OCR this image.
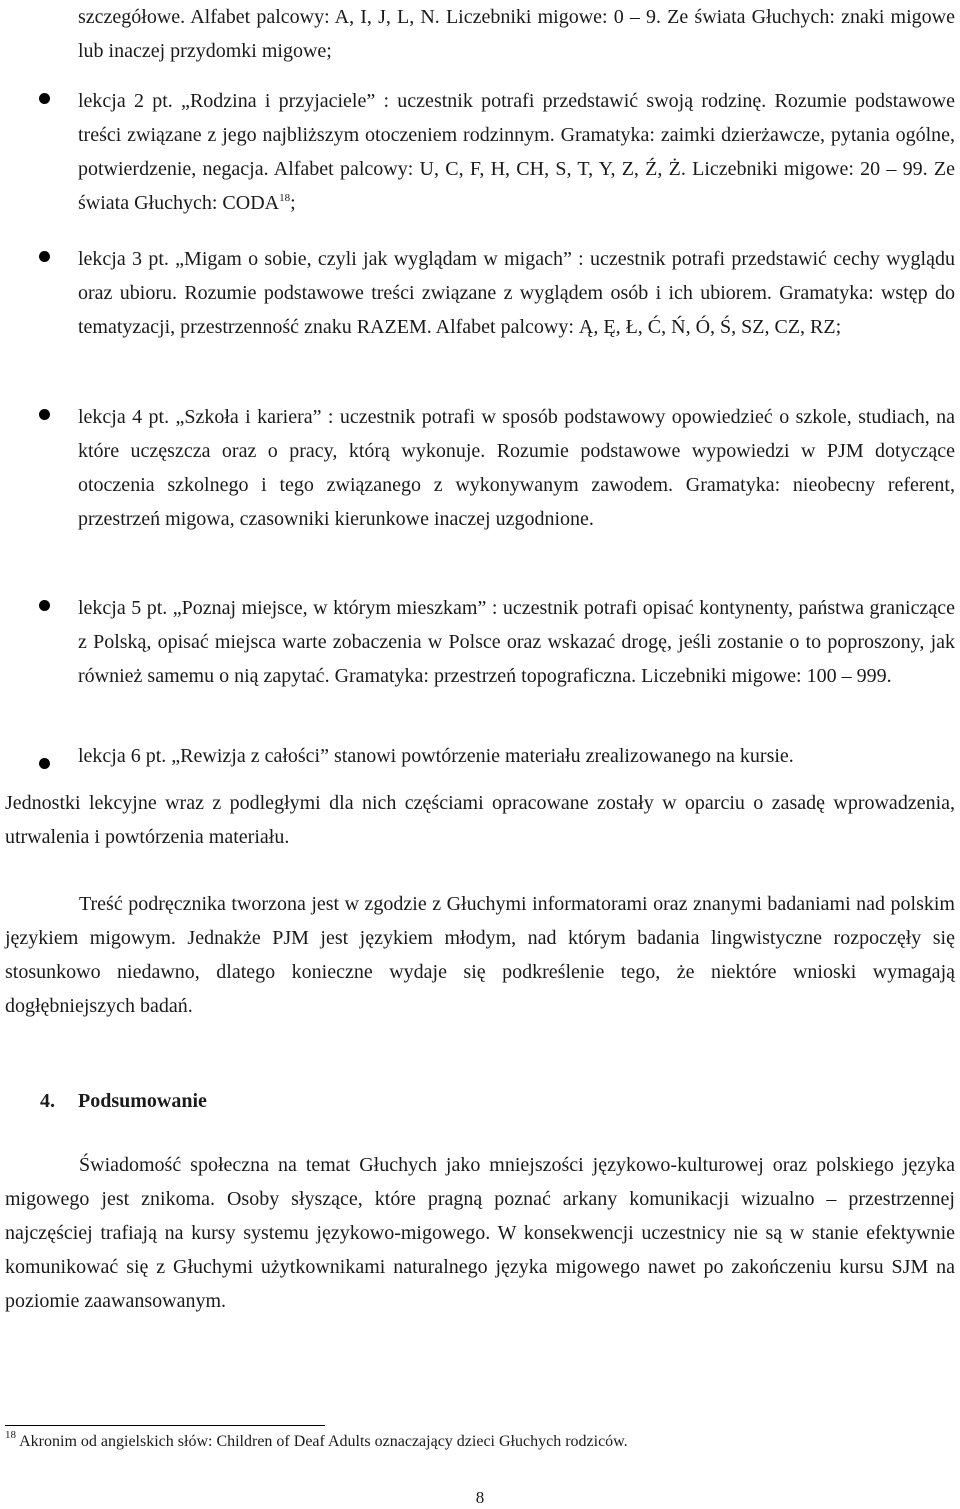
szczegółowe. Alfabet palcowy: A, I, J, L, N. Liczebniki migowe: 0 – 9. Ze świata Głuchych: znaki migowe lub inaczej przydomki migowe;

lekcja 2 pt. „Rodzina i przyjaciele” : uczestnik potrafi przedstawić swoją rodzinę. Rozumie podstawowe treści związane z jego najbliższym otoczeniem rodzinnym. Gramatyka: zaimki dzierżawcze, pytania ogólne, potwierdzenie, negacja. Alfabet palcowy: U, C, F, H, CH, S, T, Y, Z, Ź, Ż. Liczebniki migowe: 20 – 99. Ze świata Głuchych: CODA$^{18}$;

lekcja 3 pt. „Migam o sobie, czyli jak wyglądam w migach” : uczestnik potrafi przedstawić cechy wyglądu oraz ubioru. Rozumie podstawowe treści związane z wyglądem osób i ich ubiorem. Gramatyka: wstęp do tematyzacji, przestrzenność znaku RAZEM. Alfabet palcowy: Ą, Ę, Ł, Ć, Ń, Ó, Ś, SZ, CZ, RZ;

lekcja 4 pt. „Szkoła i kariera” : uczestnik potrafi w sposób podstawowy opowiedzieć o szkole, studiach, na które uczęszcza oraz o pracy, którą wykonuje. Rozumie podstawowe wypowiedzi w PJM dotyczące otoczenia szkolnego i tego związanego z wykonywanym zawodem. Gramatyka: nieobecny referent, przestrzeń migowa, czasowniki kierunkowe inaczej uzgodnione.

lekcja 5 pt. „Poznaj miejsce, w którym mieszkam” : uczestnik potrafi opisać kontynenty, państwa graniczące z Polską, opisać miejsca warte zobaczenia w Polsce oraz wskazać drogę, jeśli zostanie o to poproszony, jak również samemu o nią zapytać. Gramatyka: przestrzeń topograficzna. Liczebniki migowe: 100 – 999.

lekcja 6 pt. „Rewizja z całości” stanowi powtórzenie materiału zrealizowanego na kursie.

Jednostki lekcyjne wraz z podległymi dla nich częściami opracowane zostały w oparciu o zasadę wprowadzenia, utrwalenia i powtórzenia materiału.

Treść podręcznika tworzona jest w zgodzie z Głuchymi informatorami oraz znanymi badaniami nad polskim językiem migowym. Jednakże PJM jest językiem młodym, nad którym badania lingwistyczne rozpoczęły się stosunkowo niedawno, dlatego konieczne wydaje się podkreślenie tego, że niektóre wnioski wymagają dogłębniejszych badań.

4. Podsumowanie

Świadomość społeczna na temat Głuchych jako mniejszości językowo-kulturowej oraz polskiego języka migowego jest znikoma. Osoby słyszące, które pragną poznać arkany komunikacji wizualno – przestrzennej najczęściej trafiają na kursy systemu językowo-migowego. W konsekwencji uczestnicy nie są w stanie efektywnie komunikować się z Głuchymi użytkownikami naturalnego języka migowego nawet po zakończeniu kursu SJM na poziomie zaawansowanym.

$^{18}$ Akronim od angielskich słów: Children of Deaf Adults oznaczający dzieci Głuchych rodziców.

8
